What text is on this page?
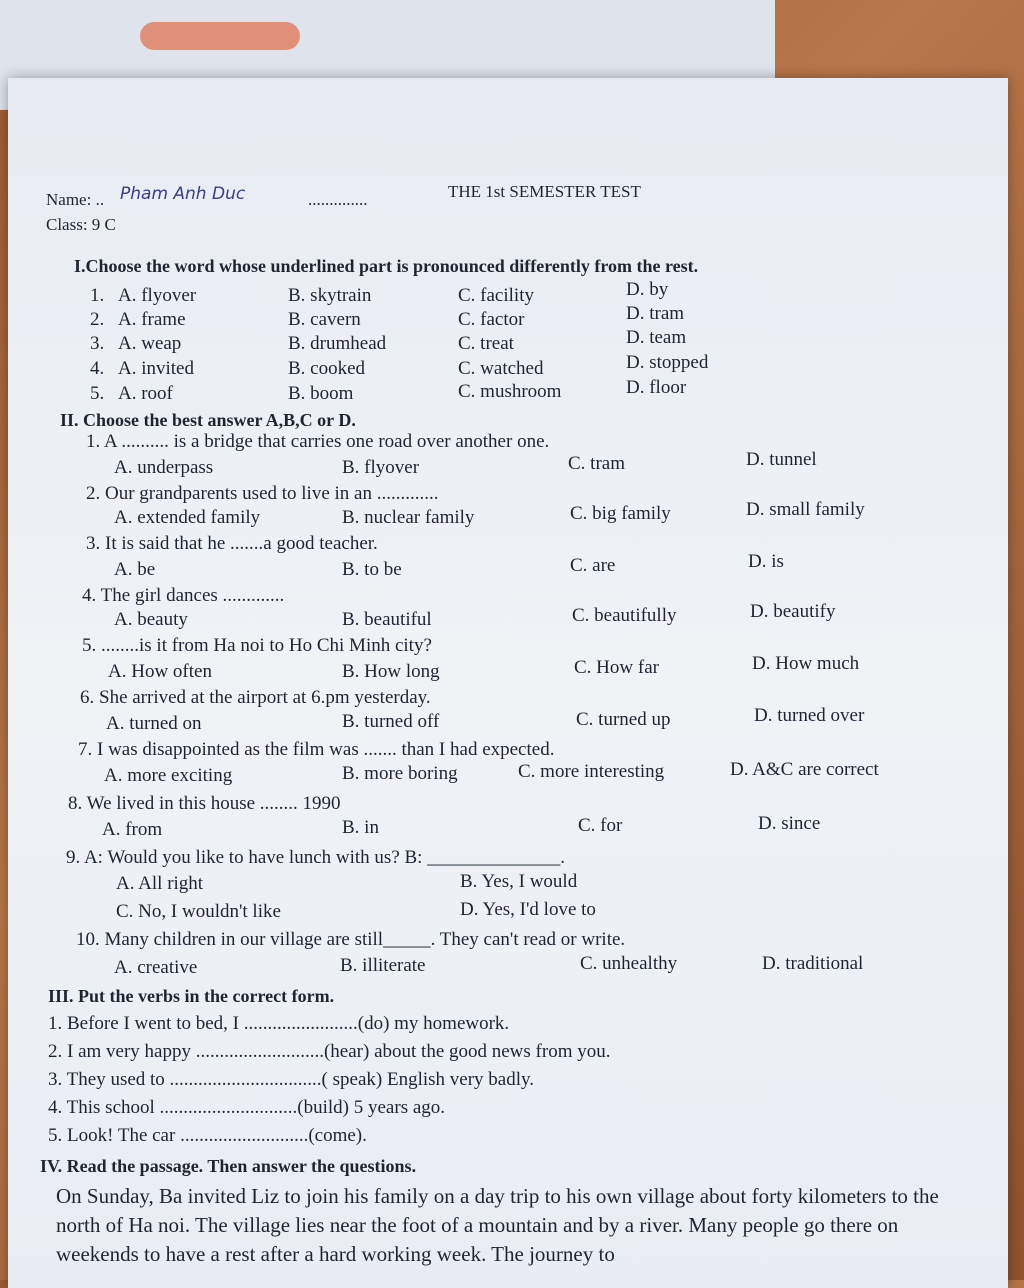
Name: .. Pham Anh Duc	..............	THE 1st SEMESTER TEST
Class: 9 C
I.Choose the word whose underlined part is pronounced differently from the rest.
1. A. flyover	B. skytrain	C. facility	D. by
2. A. frame	B. cavern	C. factor	D. tram
3. A. weap	B. drumhead	C. treat	D. team
4. A. invited	B. cooked	C. watched	D. stopped
5. A. roof	B. boom	C. mushroom	D. floor
II. Choose the best answer A,B,C or D.
1. A .......... is a bridge that carries one road over another one.
A. underpass	B. flyover	C. tram	D. tunnel
2. Our grandparents used to live in an .............
A. extended family	B. nuclear family	C. big family	D. small family
3. It is said that he .......a good teacher.
A. be	B. to be	C. are	D. is
4. The girl dances .............
A. beauty	B. beautiful	C. beautifully	D. beautify
5. ........is it from Ha noi to Ho Chi Minh city?
A. How often	B. How long	C. How far	D. How much
6. She arrived at the airport at 6.pm yesterday.
A. turned on	B. turned off	C. turned up	D. turned over
7. I was disappointed as the film was ....... than I had expected.
A. more exciting	B. more boring	C. more interesting	D. A&C are correct
8. We lived in this house ........ 1990
A. from	B. in	C. for	D. since
9. A: Would you like to have lunch with us? B: ______________.
A. All right	B. Yes, I would
C. No, I wouldn't like	D. Yes, I'd love to
10. Many children in our village are still_____. They can't read or write.
A. creative	B. illiterate	C. unhealthy	D. traditional
III. Put the verbs in the correct form.
1. Before I went to bed, I ........................(do) my homework.
2. I am very happy ...........................(hear) about the good news from you.
3. They used to ................................( speak) English very badly.
4. This school .............................(build) 5 years ago.
5. Look! The car ...........................(come).
IV. Read the passage. Then answer the questions.
On Sunday, Ba invited Liz to join his family on a day trip to his own village about forty kilometers to the north of Ha noi. The village lies near the foot of a mountain and by a river. Many people go there on weekends to have a rest after a hard working week. The journey to
